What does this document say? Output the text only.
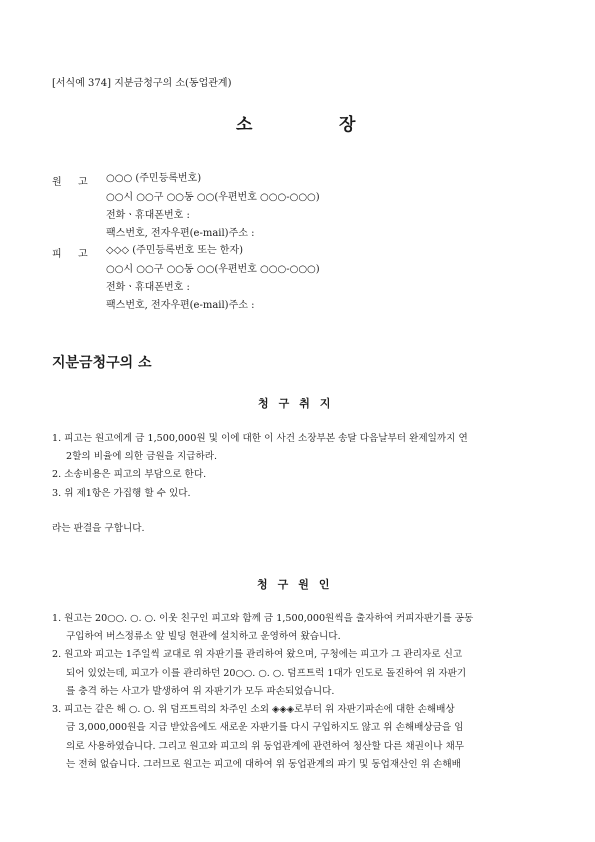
[서식예 374] 지분금청구의 소(동업관계)
소	장
원 고 ○○○ (주민등록번호)
○○시 ○○구 ○○동 ○○(우편번호 ○○○-○○○)
전화ㆍ휴대폰번호 :
팩스번호, 전자우편(e-mail)주소 :
피 고 ◇◇◇ (주민등록번호 또는 한자)
○○시 ○○구 ○○동 ○○(우편번호 ○○○-○○○)
전화ㆍ휴대폰번호 :
팩스번호, 전자우편(e-mail)주소 :
지분금청구의 소
청구취지
1. 피고는 원고에게 금 1,500,000원 및 이에 대한 이 사건 소장부본 송달 다음날부터 완제일까지 연
2할의 비율에 의한 금원을 지급하라.
2. 소송비용은 피고의 부담으로 한다.
3. 위 제1항은 가집행 할 수 있다.
라는 판결을 구합니다.
청구원인
1. 원고는 20○○. ○. ○. 이웃 친구인 피고와 함께 금 1,500,000원씩을 출자하여 커피자판기를 공동
구입하여 버스정류소 앞 빌딩 현관에 설치하고 운영하여 왔습니다.
2. 원고와 피고는 1주일씩 교대로 위 자판기를 관리하여 왔으며, 구청에는 피고가 그 관리자로 신고
되어 있었는데, 피고가 이를 관리하던 20○○. ○. ○. 덤프트럭 1대가 인도로 돌진하여 위 자판기
를 충격 하는 사고가 발생하여 위 자판기가 모두 파손되었습니다.
3. 피고는 같은 해 ○. ○. 위 덤프트럭의 차주인 소외 ◈◈◈로부터 위 자판기파손에 대한 손해배상
금 3,000,000원을 지급 받았음에도 새로운 자판기를 다시 구입하지도 않고 위 손해배상금을 임
의로 사용하였습니다. 그리고 원고와 피고의 위 동업관계에 관련하여 청산할 다른 채권이나 채무
는 전혀 없습니다. 그러므로 원고는 피고에 대하여 위 동업관계의 파기 및 동업재산인 위 손해배
